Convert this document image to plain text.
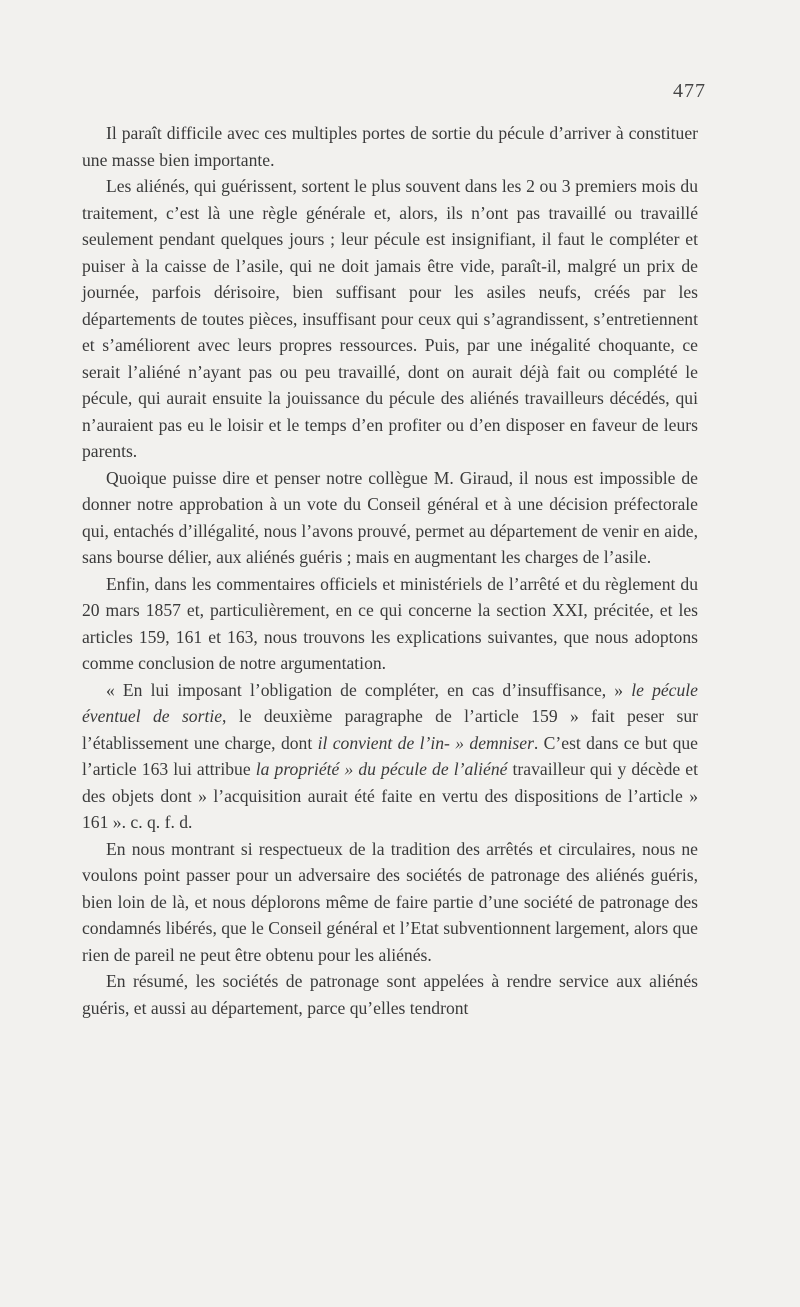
477

Il paraît difficile avec ces multiples portes de sortie du pécule d’arriver à constituer une masse bien importante.

Les aliénés, qui guérissent, sortent le plus souvent dans les 2 ou 3 premiers mois du traitement, c’est là une règle générale et, alors, ils n’ont pas travaillé ou travaillé seulement pendant quelques jours ; leur pécule est insignifiant, il faut le compléter et puiser à la caisse de l’asile, qui ne doit jamais être vide, paraît-il, malgré un prix de journée, parfois dérisoire, bien suffisant pour les asiles neufs, créés par les départements de toutes pièces, insuffisant pour ceux qui s’agrandissent, s’entretiennent et s’améliorent avec leurs propres ressources. Puis, par une inégalité choquante, ce serait l’aliéné n’ayant pas ou peu travaillé, dont on aurait déjà fait ou complété le pécule, qui aurait ensuite la jouissance du pécule des aliénés travailleurs décédés, qui n’auraient pas eu le loisir et le temps d’en profiter ou d’en disposer en faveur de leurs parents.

Quoique puisse dire et penser notre collègue M. Giraud, il nous est impossible de donner notre approbation à un vote du Conseil général et à une décision préfectorale qui, entachés d’illégalité, nous l’avons prouvé, permet au département de venir en aide, sans bourse délier, aux aliénés guéris ; mais en augmentant les charges de l’asile.

Enfin, dans les commentaires officiels et ministériels de l’arrêté et du règlement du 20 mars 1857 et, particulièrement, en ce qui concerne la section XXI, précitée, et les articles 159, 161 et 163, nous trouvons les explications suivantes, que nous adoptons comme conclusion de notre argumentation.

« En lui imposant l’obligation de compléter, en cas d’insuffisance, » le pécule éventuel de sortie, le deuxième paragraphe de l’article 159 » fait peser sur l’établissement une charge, dont il convient de l’in- » demniser. C’est dans ce but que l’article 163 lui attribue la propriété » du pécule de l’aliéné travailleur qui y décède et des objets dont » l’acquisition aurait été faite en vertu des dispositions de l’article » 161 ». c. q. f. d.

En nous montrant si respectueux de la tradition des arrêtés et circulaires, nous ne voulons point passer pour un adversaire des sociétés de patronage des aliénés guéris, bien loin de là, et nous déplorons même de faire partie d’une société de patronage des condamnés libérés, que le Conseil général et l’Etat subventionnent largement, alors que rien de pareil ne peut être obtenu pour les aliénés.

En résumé, les sociétés de patronage sont appelées à rendre service aux aliénés guéris, et aussi au département, parce qu’elles tendront
